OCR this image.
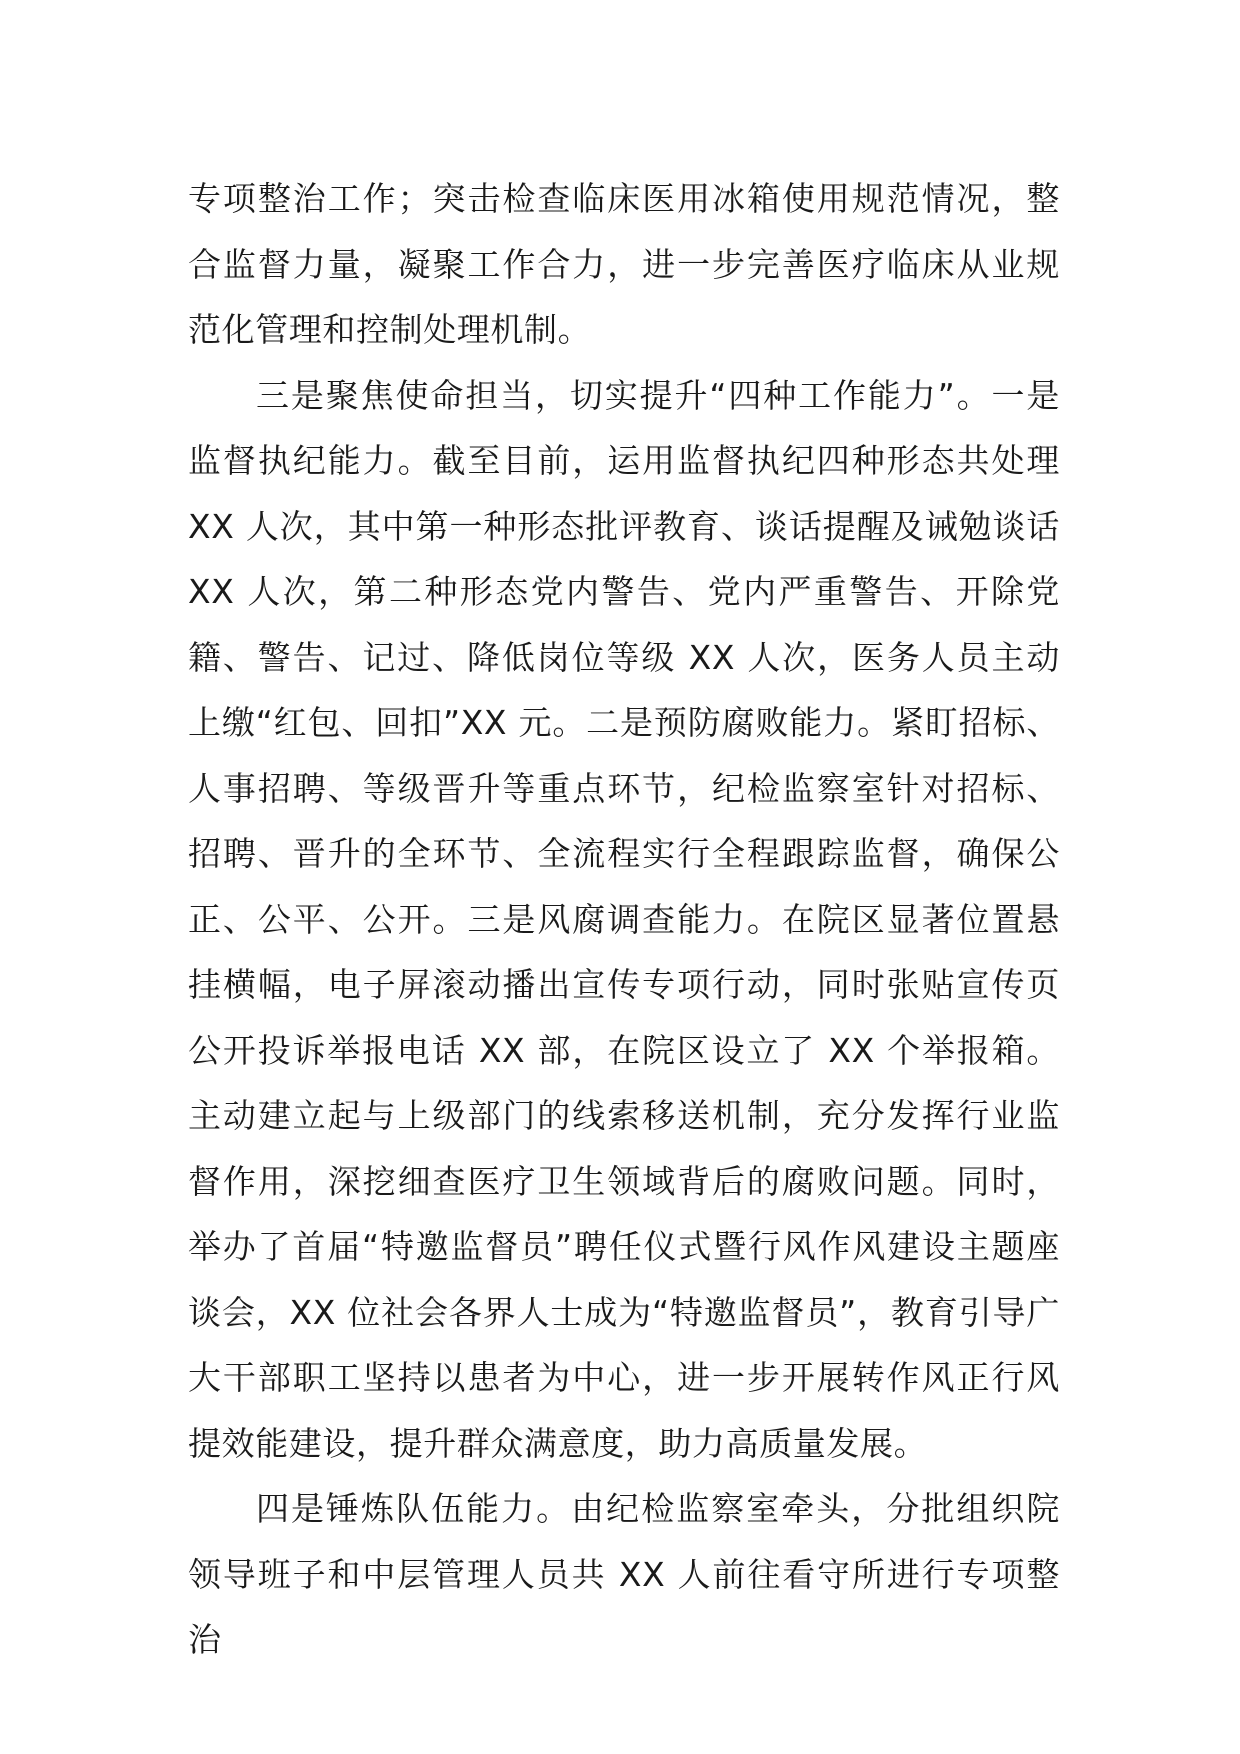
专项整治工作；突击检查临床医用冰箱使用规范情况，整合监督力量，凝聚工作合力，进一步完善医疗临床从业规范化管理和控制处理机制。

三是聚焦使命担当，切实提升“四种工作能力”。一是监督执纪能力。截至目前，运用监督执纪四种形态共处理 XX 人次，其中第一种形态批评教育、谈话提醒及诫勉谈话 XX 人次，第二种形态党内警告、党内严重警告、开除党籍、警告、记过、降低岗位等级 XX 人次，医务人员主动上缴“红包、回扣”XX 元。二是预防腐败能力。紧盯招标、人事招聘、等级晋升等重点环节，纪检监察室针对招标、招聘、晋升的全环节、全流程实行全程跟踪监督，确保公正、公平、公开。三是风腐调查能力。在院区显著位置悬挂横幅，电子屏滚动播出宣传专项行动，同时张贴宣传页公开投诉举报电话 XX 部，在院区设立了 XX 个举报箱。主动建立起与上级部门的线索移送机制，充分发挥行业监督作用，深挖细查医疗卫生领域背后的腐败问题。同时，举办了首届“特邀监督员”聘任仪式暨行风作风建设主题座谈会，XX 位社会各界人士成为“特邀监督员”，教育引导广大干部职工坚持以患者为中心，进一步开展转作风正行风提效能建设，提升群众满意度，助力高质量发展。

四是锤炼队伍能力。由纪检监察室牵头，分批组织院领导班子和中层管理人员共 XX 人前往看守所进行专项整治
